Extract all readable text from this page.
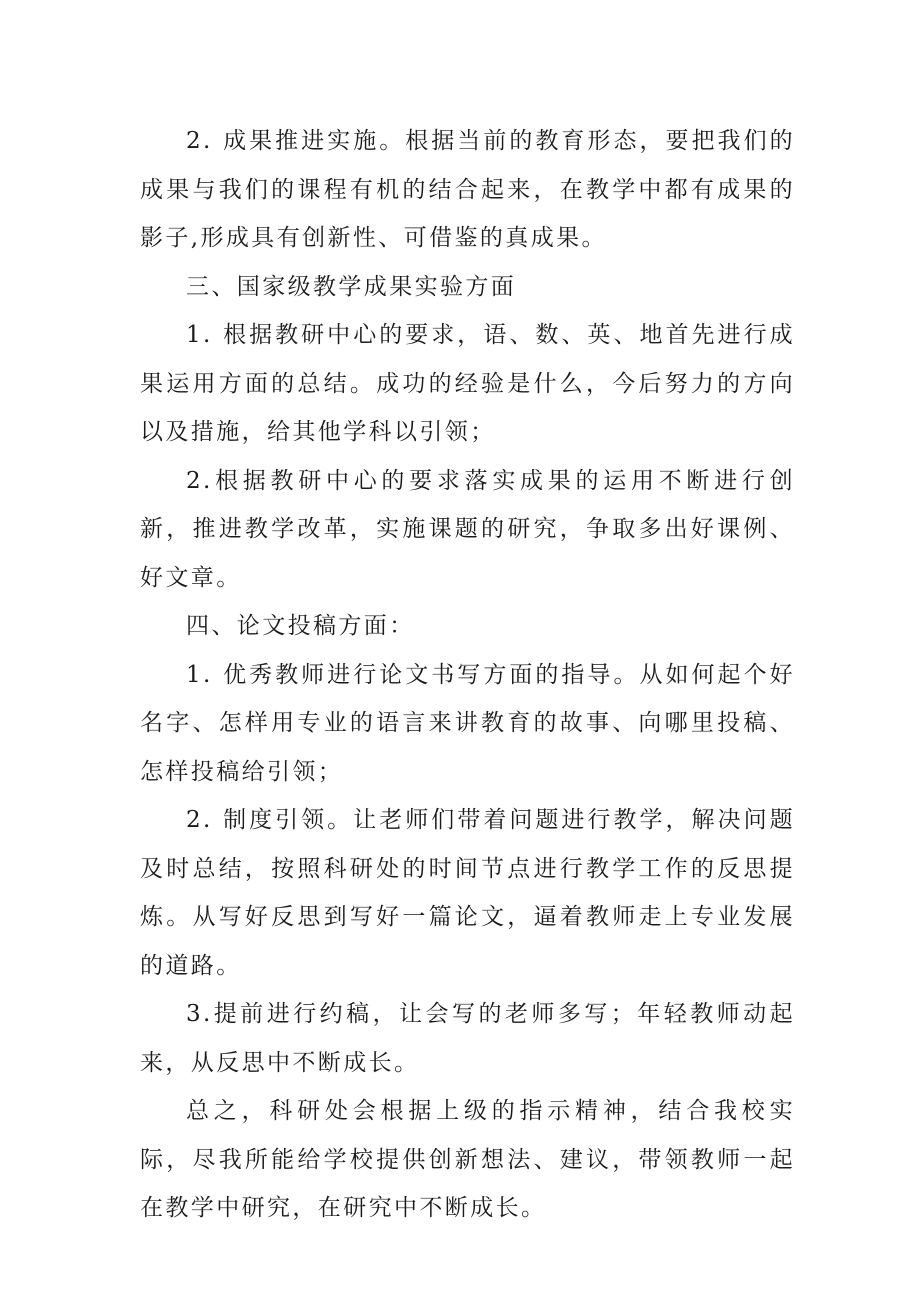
2. 成果推进实施。根据当前的教育形态，要把我们的成果与我们的课程有机的结合起来，在教学中都有成果的影子,形成具有创新性、可借鉴的真成果。

三、国家级教学成果实验方面

1. 根据教研中心的要求，语、数、英、地首先进行成果运用方面的总结。成功的经验是什么，今后努力的方向以及措施，给其他学科以引领；

2.根据教研中心的要求落实成果的运用不断进行创新，推进教学改革，实施课题的研究，争取多出好课例、好文章。

四、论文投稿方面：

1. 优秀教师进行论文书写方面的指导。从如何起个好名字、怎样用专业的语言来讲教育的故事、向哪里投稿、怎样投稿给引领；

2. 制度引领。让老师们带着问题进行教学，解决问题及时总结，按照科研处的时间节点进行教学工作的反思提炼。从写好反思到写好一篇论文，逼着教师走上专业发展的道路。

3.提前进行约稿，让会写的老师多写；年轻教师动起来，从反思中不断成长。

总之，科研处会根据上级的指示精神，结合我校实际，尽我所能给学校提供创新想法、建议，带领教师一起在教学中研究，在研究中不断成长。
